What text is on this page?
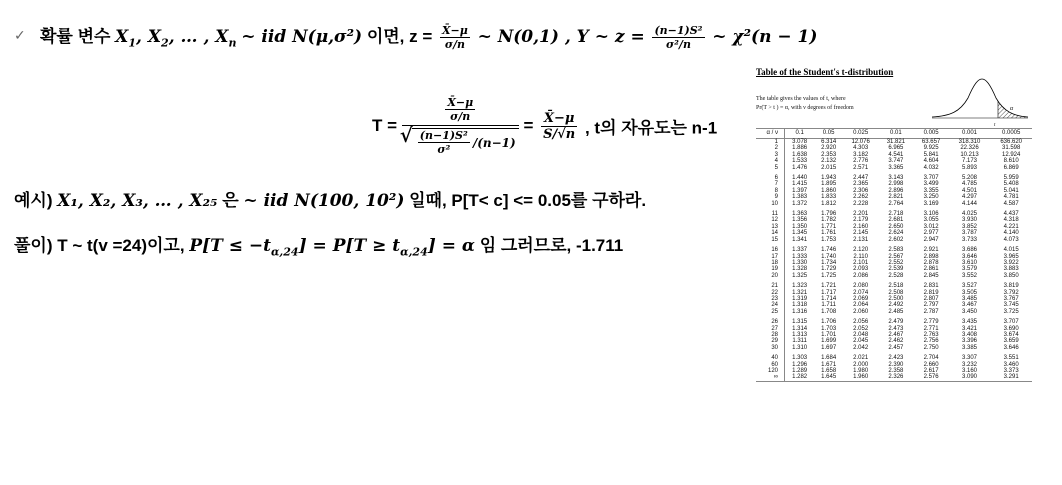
✓ 확률 변수 $X_1$, $X_2$, … , $X_n$ ~ iid N(μ,σ²) 이면, $z = \frac{X̄-\mu}{\sigma/n}$ ~ N(0,1) , Y ~ $z = \frac{\text{(n−1)S²}}{\text{σ²/n}}$ ~ χ²(n − 1)
$T = \frac{X̄-\mu}{\sigma/n}$
√ $\frac{\text{(n−1)S²}}{\text{σ²}} /(n-1) = \frac{X̄-\mu}{S/√n}$ , t의 자유도는 n-1
예시) X₁, X₂, X₃, … , X₂₅ 은 ~ iid N(100, 10²) 일때, P[T< c] <= 0.05를 구하라.
풀이) T ~ t(v =24)이고, $P[T \le -t_{\alpha,24}] = P[T \ge t_{\alpha,24}] = \alpha$ 임 그러므로, -1.711
Table of the Student's t-distribution
The table gives the values of t, where
Pr(T > t ) = α, with ν degrees of freedom	α
t
α / ν	0.1	0.05	0.025	0.01	0.005	0.001	0.0005
1	3.078	6.314	12.076	31.821	63.657	318.310	636.620
2	1.886	2.920	4.303	6.965	9.925	22.326	31.598
3	1.638	2.353	3.182	4.541	5.841	10.213	12.924
4	1.533	2.132	2.776	3.747	4.604	7.173	8.610
5	1.476	2.015	2.571	3.365	4.032	5.893	6.869

6	1.440	1.943	2.447	3.143	3.707	5.208	5.959
7	1.415	1.895	2.365	2.998	3.499	4.785	5.408
8	1.397	1.860	2.306	2.896	3.355	4.501	5.041
9	1.383	1.833	2.262	2.821	3.250	4.297	4.781
10	1.372	1.812	2.228	2.764	3.169	4.144	4.587

11	1.363	1.796	2.201	2.718	3.106	4.025	4.437
12	1.356	1.782	2.179	2.681	3.055	3.930	4.318
13	1.350	1.771	2.160	2.650	3.012	3.852	4.221
14	1.345	1.761	2.145	2.624	2.977	3.787	4.140
15	1.341	1.753	2.131	2.602	2.947	3.733	4.073

16	1.337	1.746	2.120	2.583	2.921	3.686	4.015
17	1.333	1.740	2.110	2.567	2.898	3.646	3.965
18	1.330	1.734	2.101	2.552	2.878	3.610	3.922
19	1.328	1.729	2.093	2.539	2.861	3.579	3.883
20	1.325	1.725	2.086	2.528	2.845	3.552	3.850

21	1.323	1.721	2.080	2.518	2.831	3.527	3.819
22	1.321	1.717	2.074	2.508	2.819	3.505	3.792
23	1.319	1.714	2.069	2.500	2.807	3.485	3.767
24	1.318	1.711	2.064	2.492	2.797	3.467	3.745
25	1.316	1.708	2.060	2.485	2.787	3.450	3.725

26	1.315	1.706	2.056	2.479	2.779	3.435	3.707
27	1.314	1.703	2.052	2.473	2.771	3.421	3.690
28	1.313	1.701	2.048	2.467	2.763	3.408	3.674
29	1.311	1.699	2.045	2.462	2.756	3.396	3.659
30	1.310	1.697	2.042	2.457	2.750	3.385	3.646

40	1.303	1.684	2.021	2.423	2.704	3.307	3.551
60	1.296	1.671	2.000	2.390	2.660	3.232	3.460
120	1.289	1.658	1.980	2.358	2.617	3.160	3.373
∞	1.282	1.645	1.960	2.326	2.576	3.090	3.291
